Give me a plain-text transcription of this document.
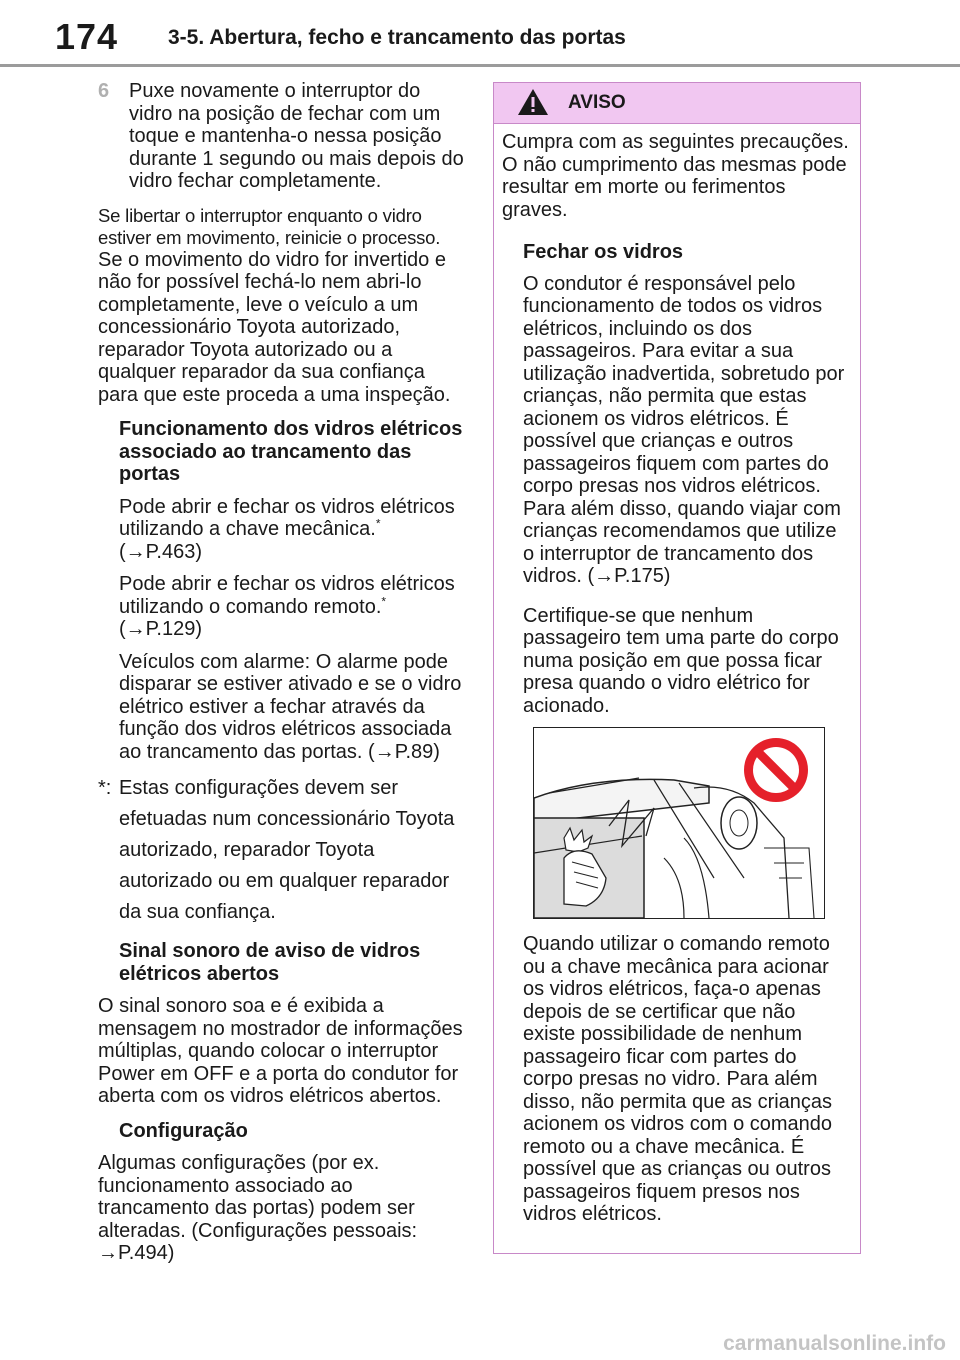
174 3-5. Abertura, fecho e trancamento das portas

6 Puxe novamente o interruptor do vidro na posição de fechar com um toque e mantenha-o nessa posição durante 1 segundo ou mais depois do vidro fechar completamente.

Se libertar o interruptor enquanto o vidro estiver em movimento, reinicie o processo.

Se o movimento do vidro for invertido e não for possível fechá-lo nem abri-lo completamente, leve o veículo a um concessionário Toyota autorizado, reparador Toyota autorizado ou a qualquer reparador da sua confiança para que este proceda a uma inspeção.

Funcionamento dos vidros elétricos associado ao trancamento das portas

Pode abrir e fechar os vidros elétricos utilizando a chave mecânica.*
(→P.463)

Pode abrir e fechar os vidros elétricos utilizando o comando remoto.*
(→P.129)

Veículos com alarme: O alarme pode disparar se estiver ativado e se o vidro elétrico estiver a fechar através da função dos vidros elétricos associada ao trancamento das portas. (→P.89)

*: Estas configurações devem ser efetuadas num concessionário Toyota autorizado, reparador Toyota autorizado ou em qualquer reparador da sua confiança.

Sinal sonoro de aviso de vidros elétricos abertos

O sinal sonoro soa e é exibida a mensagem no mostrador de informações múltiplas, quando colocar o interruptor Power em OFF e a porta do condutor for aberta com os vidros elétricos abertos.

Configuração

Algumas configurações (por ex. funcionamento associado ao trancamento das portas) podem ser alteradas. (Configurações pessoais: →P.494)

AVISO

Cumpra com as seguintes precauções. O não cumprimento das mesmas pode resultar em morte ou ferimentos graves.

Fechar os vidros

O condutor é responsável pelo funcionamento de todos os vidros elétricos, incluindo os dos passageiros. Para evitar a sua utilização inadvertida, sobretudo por crianças, não permita que estas acionem os vidros elétricos. É possível que crianças e outros passageiros fiquem com partes do corpo presas nos vidros elétricos. Para além disso, quando viajar com crianças recomendamos que utilize o interruptor de trancamento dos vidros. (→P.175)

Certifique-se que nenhum passageiro tem uma parte do corpo numa posição em que possa ficar presa quando o vidro elétrico for acionado.

Quando utilizar o comando remoto ou a chave mecânica para acionar os vidros elétricos, faça-o apenas depois de se certificar que não existe possibilidade de nenhum passageiro ficar com partes do corpo presas no vidro. Para além disso, não permita que as crianças acionem os vidros com o comando remoto ou a chave mecânica. É possível que as crianças ou outros passageiros fiquem presos nos vidros elétricos.

carmanualsonline.info
